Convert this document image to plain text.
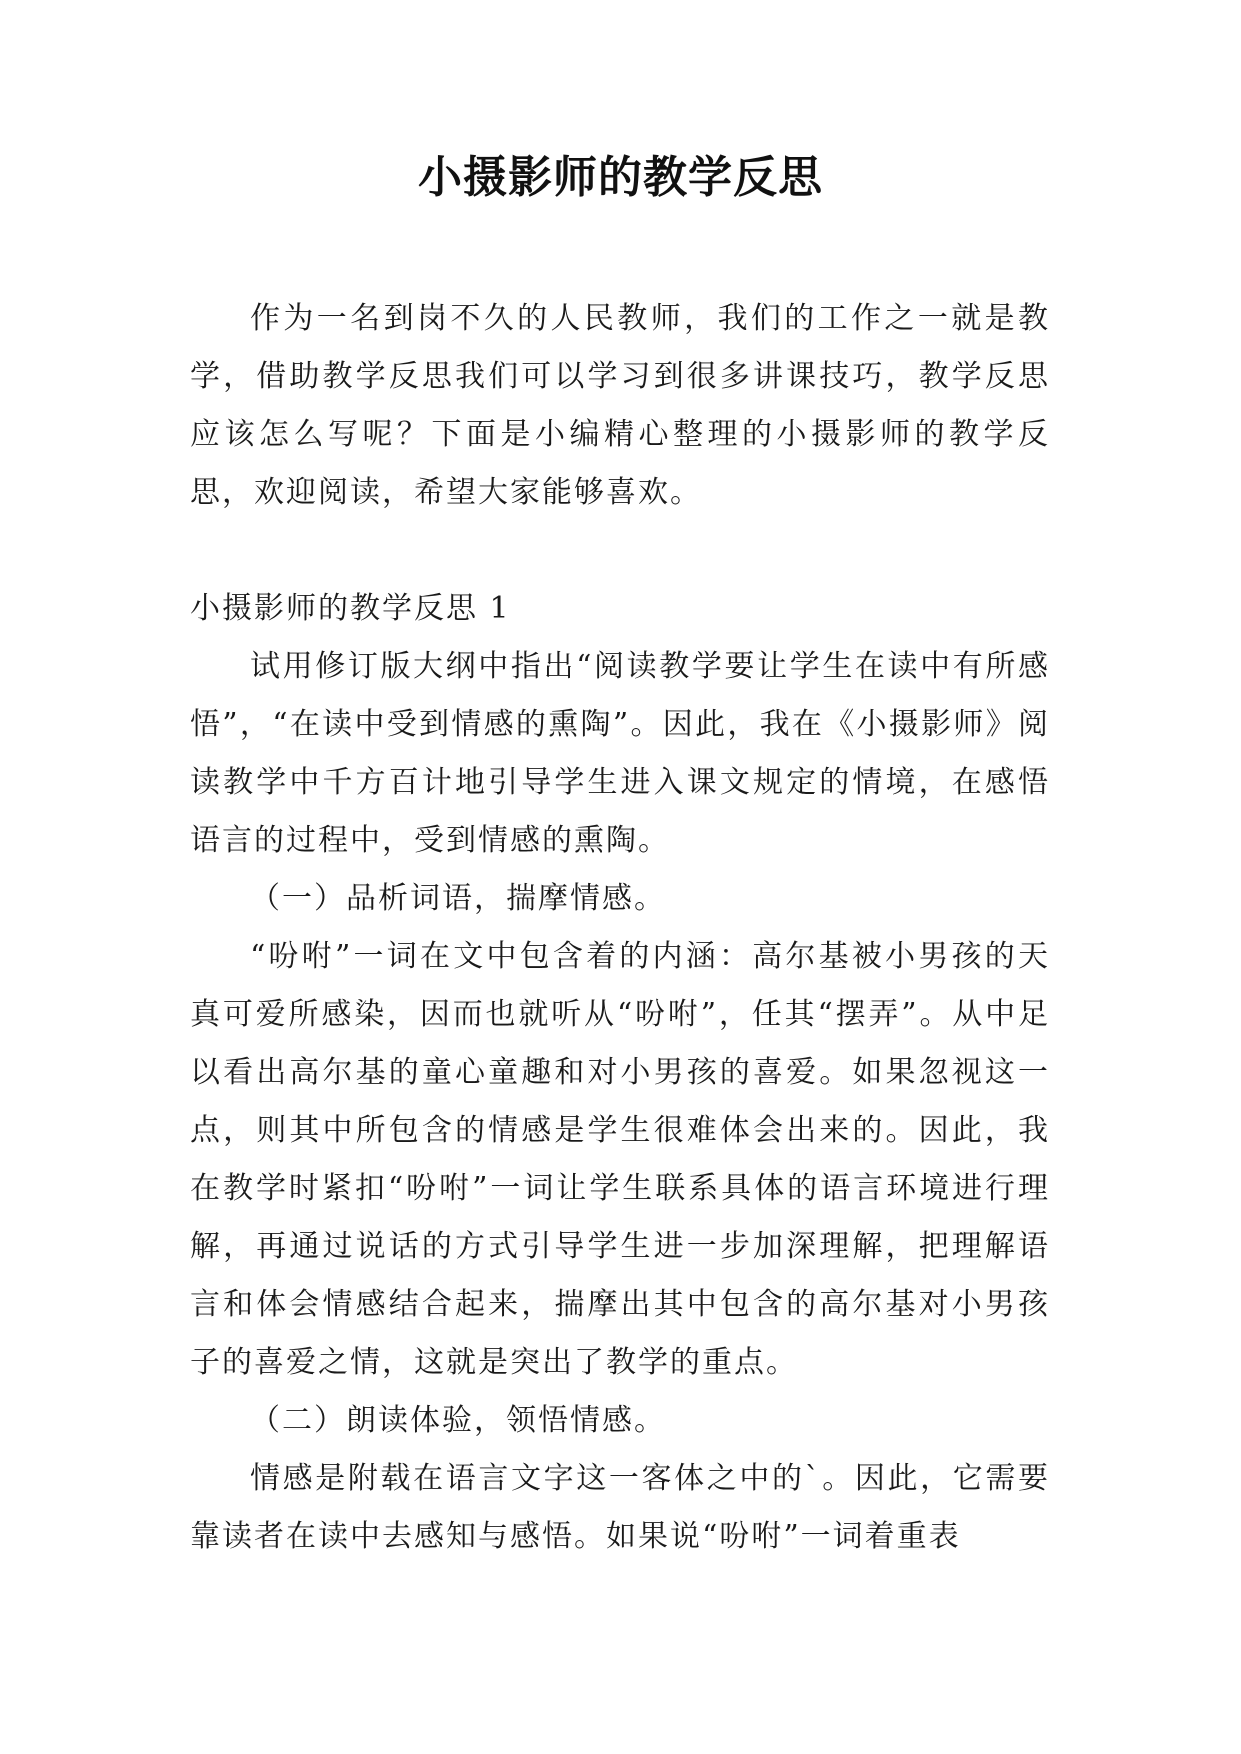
小摄影师的教学反思

作为一名到岗不久的人民教师，我们的工作之一就是教学，借助教学反思我们可以学习到很多讲课技巧，教学反思应该怎么写呢？下面是小编精心整理的小摄影师的教学反思，欢迎阅读，希望大家能够喜欢。

小摄影师的教学反思 1

试用修订版大纲中指出“阅读教学要让学生在读中有所感悟”，“在读中受到情感的熏陶”。因此，我在《小摄影师》阅读教学中千方百计地引导学生进入课文规定的情境，在感悟语言的过程中，受到情感的熏陶。

（一）品析词语，揣摩情感。

“吩咐”一词在文中包含着的内涵：高尔基被小男孩的天真可爱所感染，因而也就听从“吩咐”，任其“摆弄”。从中足以看出高尔基的童心童趣和对小男孩的喜爱。如果忽视这一点，则其中所包含的情感是学生很难体会出来的。因此，我在教学时紧扣“吩咐”一词让学生联系具体的语言环境进行理解，再通过说话的方式引导学生进一步加深理解，把理解语言和体会情感结合起来，揣摩出其中包含的高尔基对小男孩子的喜爱之情，这就是突出了教学的重点。

（二）朗读体验，领悟情感。

情感是附载在语言文字这一客体之中的`。因此，它需要靠读者在读中去感知与感悟。如果说“吩咐”一词着重表
